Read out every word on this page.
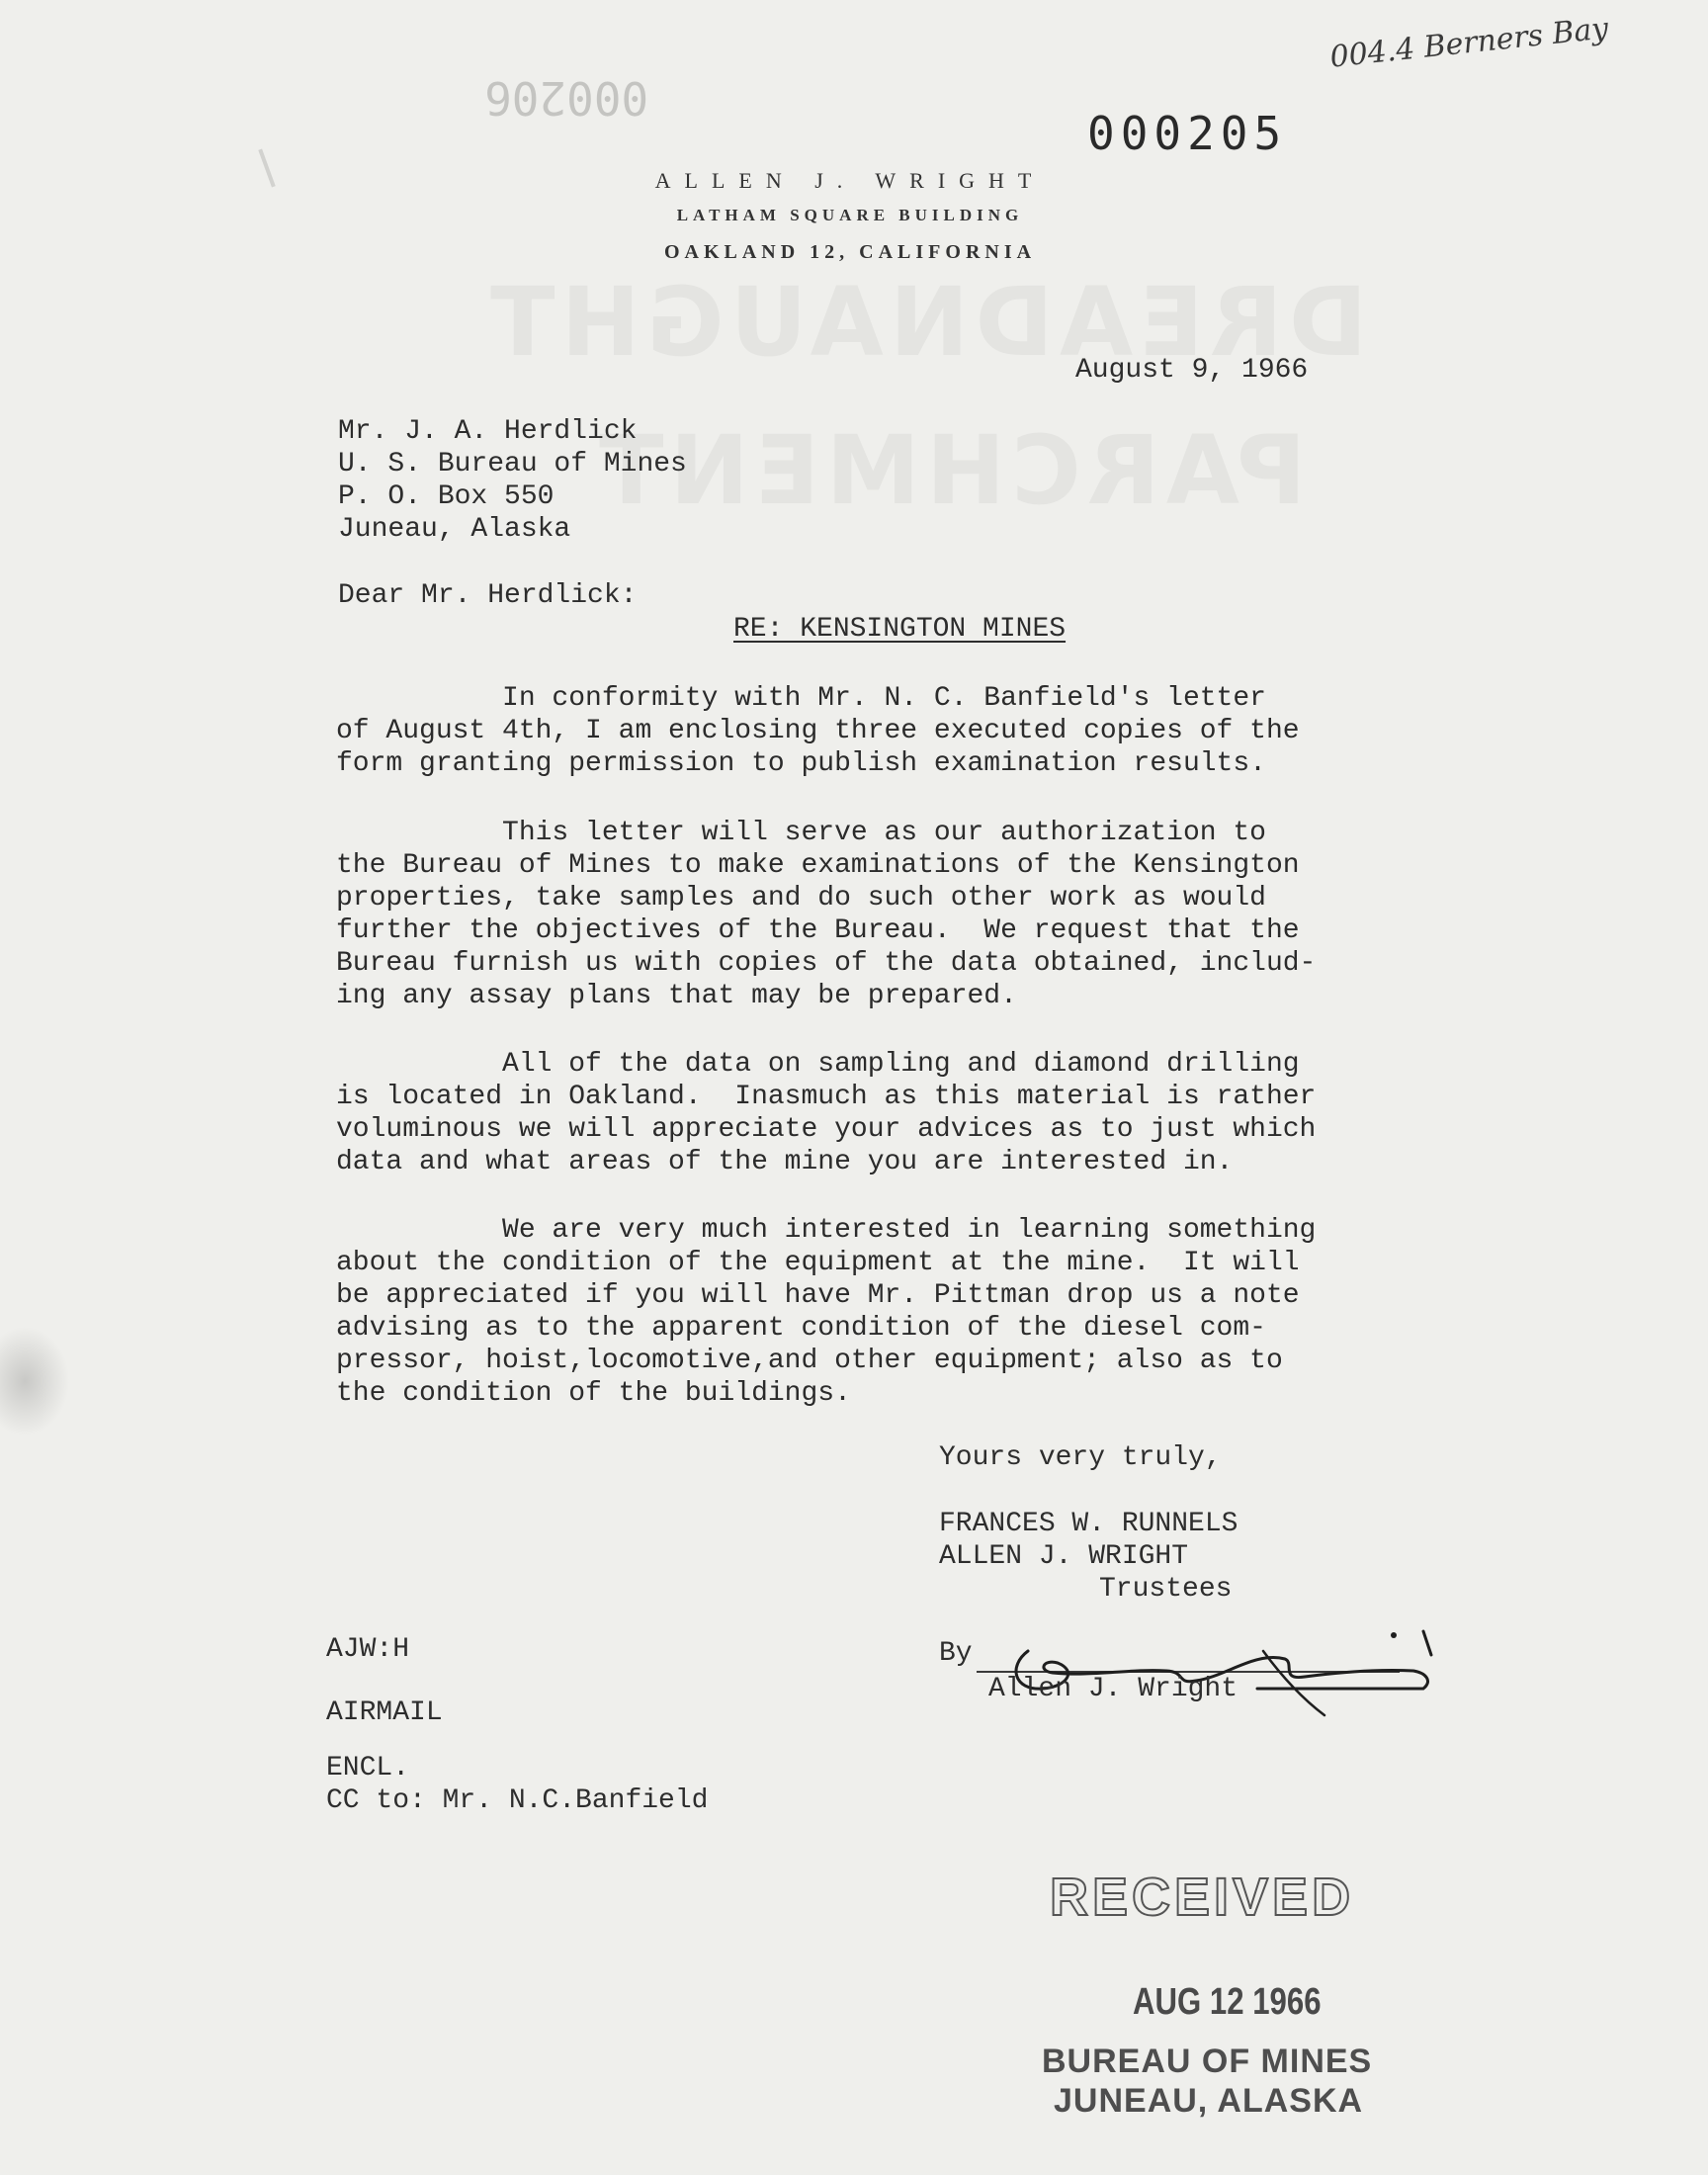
004.4 Berners Bay
000206
000205
ALLEN J. WRIGHT
LATHAM SQUARE BUILDING
OAKLAND 12, CALIFORNIA
August 9, 1966
Mr. J. A. Herdlick
U. S. Bureau of Mines
P. O. Box 550
Juneau, Alaska
Dear Mr. Herdlick:
RE: KENSINGTON MINES
In conformity with Mr. N. C. Banfield's letter
of August 4th, I am enclosing three executed copies of the
form granting permission to publish examination results.
This letter will serve as our authorization to
the Bureau of Mines to make examinations of the Kensington
properties, take samples and do such other work as would
further the objectives of the Bureau.  We request that the
Bureau furnish us with copies of the data obtained, includ-
ing any assay plans that may be prepared.
All of the data on sampling and diamond drilling
is located in Oakland.  Inasmuch as this material is rather
voluminous we will appreciate your advices as to just which
data and what areas of the mine you are interested in.
We are very much interested in learning something
about the condition of the equipment at the mine.  It will
be appreciated if you will have Mr. Pittman drop us a note
advising as to the apparent condition of the diesel com-
pressor, hoist,locomotive,and other equipment; also as to
the condition of the buildings.
Yours very truly,
FRANCES W. RUNNELS
ALLEN J. WRIGHT
Trustees
By
Allen J. Wright
AJW:H
AIRMAIL
ENCL.
CC to: Mr. N.C.Banfield
RECEIVED
AUG 12 1966
BUREAU OF MINES
JUNEAU, ALASKA
